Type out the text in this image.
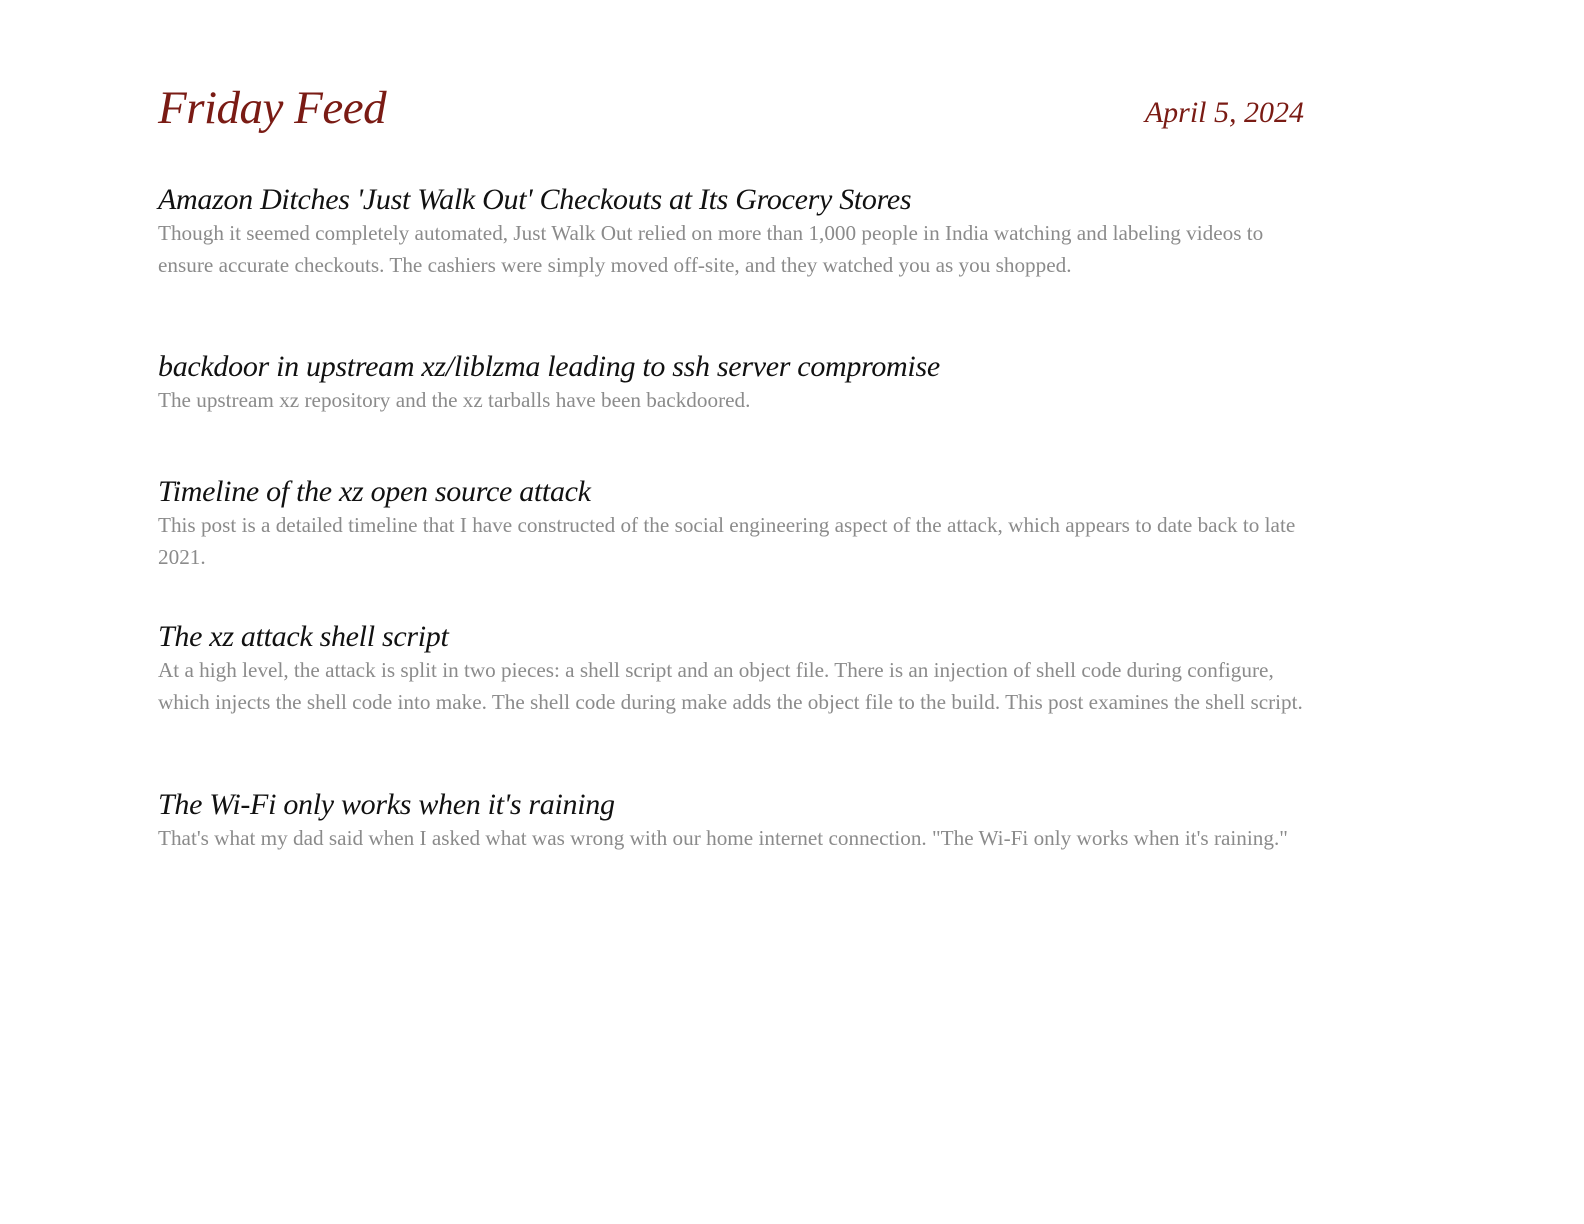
Friday Feed	April 5, 2024
Amazon Ditches 'Just Walk Out' Checkouts at Its Grocery Stores

Though it seemed completely automated, Just Walk Out relied on more than 1,000 people in India watching and labeling videos to ensure accurate checkouts. The cashiers were simply moved off-site, and they watched you as you shopped.

backdoor in upstream xz/liblzma leading to ssh server compromise

The upstream xz repository and the xz tarballs have been backdoored.

Timeline of the xz open source attack

This post is a detailed timeline that I have constructed of the social engineering aspect of the attack, which appears to date back to late 2021.

The xz attack shell script

At a high level, the attack is split in two pieces: a shell script and an object file. There is an injection of shell code during configure, which injects the shell code into make. The shell code during make adds the object file to the build. This post examines the shell script.

The Wi-Fi only works when it's raining

That's what my dad said when I asked what was wrong with our home internet connection. "The Wi-Fi only works when it's raining."
